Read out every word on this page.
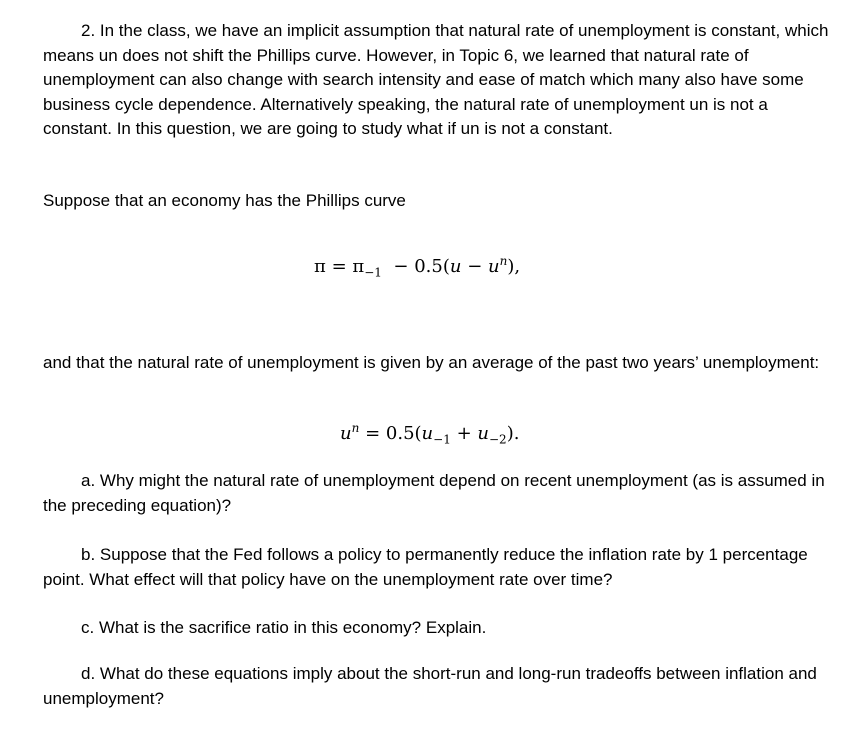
2. In the class, we have an implicit assumption that natural rate of unemployment is constant, which means un does not shift the Phillips curve. However, in Topic 6, we learned that natural rate of unemployment can also change with search intensity and ease of match which many also have some business cycle dependence. Alternatively speaking, the natural rate of unemployment un is not a constant. In this question, we are going to study what if un is not a constant.

Suppose that an economy has the Phillips curve

$\pi = \pi_{-1} - 0.5(u - u^n)$,

and that the natural rate of unemployment is given by an average of the past two years’ unemployment:

$u^n = 0.5(u_{-1} + u_{-2})$.

a. Why might the natural rate of unemployment depend on recent unemployment (as is assumed in the preceding equation)?

b. Suppose that the Fed follows a policy to permanently reduce the inflation rate by 1 percentage point. What effect will that policy have on the unemployment rate over time?

c. What is the sacrifice ratio in this economy? Explain.

d. What do these equations imply about the short-run and long-run tradeoffs between inflation and unemployment?
